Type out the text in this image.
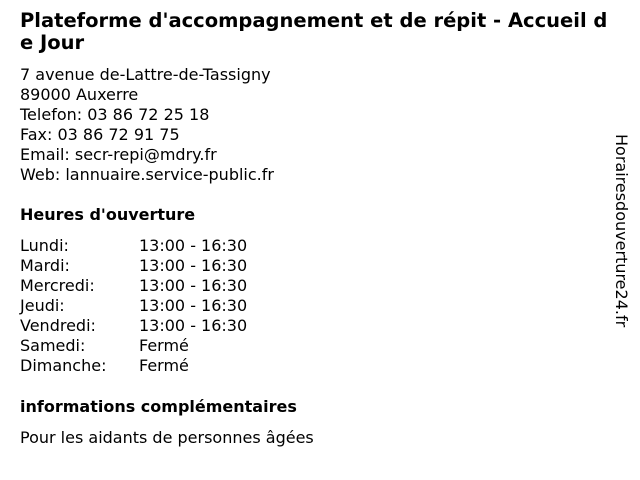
Plateforme d'accompagnement et de répit - Accueil de Jour
7 avenue de-Lattre-de-Tassigny
89000 Auxerre
Telefon: 03 86 72 25 18
Fax: 03 86 72 91 75
Email: secr-repi@mdry.fr
Web: lannuaire.service-public.fr
Heures d'ouverture
Lundi:	13:00 - 16:30
Mardi:	13:00 - 16:30
Mercredi:	13:00 - 16:30
Jeudi:	13:00 - 16:30
Vendredi:	13:00 - 16:30
Samedi:	Fermé
Dimanche:	Fermé
informations complémentaires
Pour les aidants de personnes âgées
Horairesdouverture24.fr
